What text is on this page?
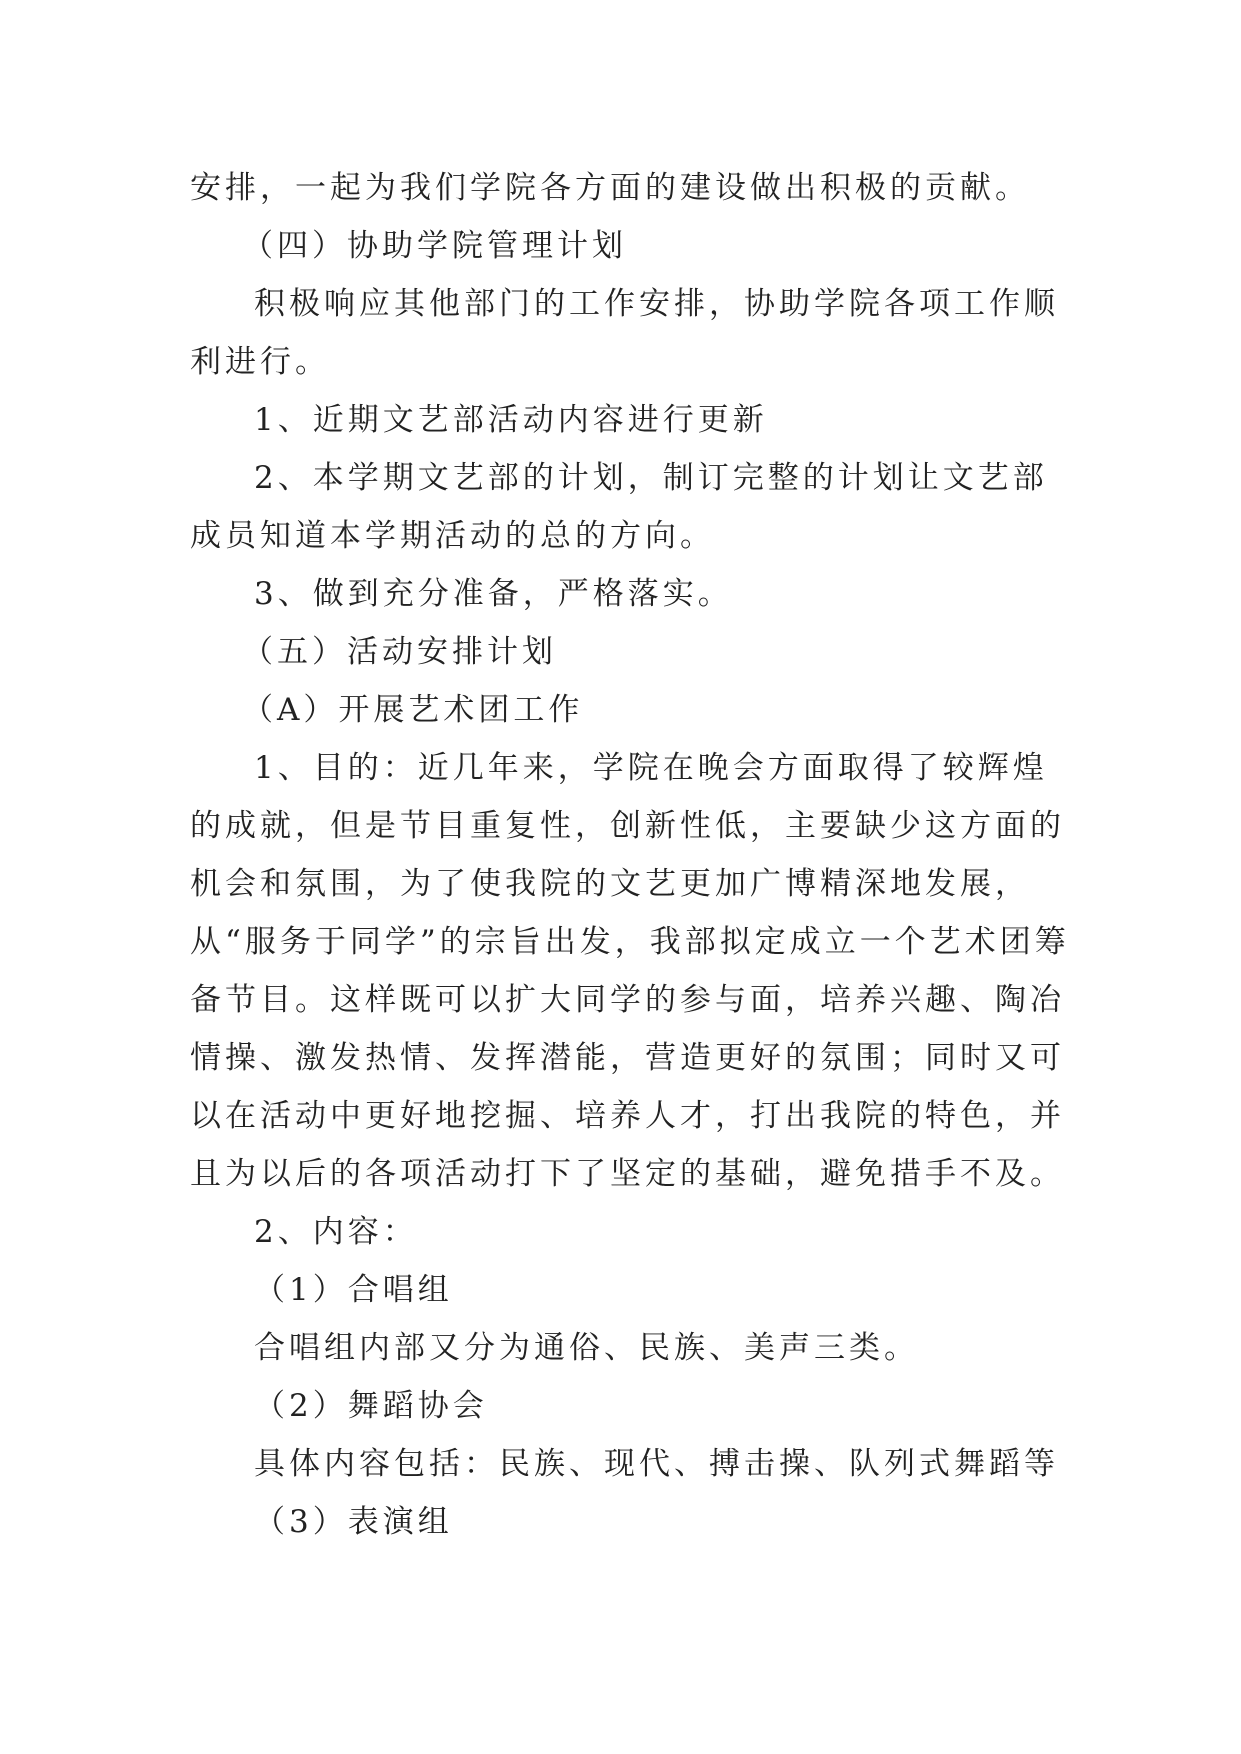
安排，一起为我们学院各方面的建设做出积极的贡献。

（四）协助学院管理计划

积极响应其他部门的工作安排，协助学院各项工作顺利进行。

1、近期文艺部活动内容进行更新

2、本学期文艺部的计划，制订完整的计划让文艺部成员知道本学期活动的总的方向。

3、做到充分准备，严格落实。

（五）活动安排计划

（A）开展艺术团工作

1、目的：近几年来，学院在晚会方面取得了较辉煌的成就，但是节目重复性，创新性低，主要缺少这方面的机会和氛围，为了使我院的文艺更加广博精深地发展，从“服务于同学”的宗旨出发，我部拟定成立一个艺术团筹备节目。这样既可以扩大同学的参与面，培养兴趣、陶冶情操、激发热情、发挥潜能，营造更好的氛围；同时又可以在活动中更好地挖掘、培养人才，打出我院的特色，并且为以后的各项活动打下了坚定的基础，避免措手不及。

2、内容：

（1）合唱组

合唱组内部又分为通俗、民族、美声三类。

（2）舞蹈协会

具体内容包括：民族、现代、搏击操、队列式舞蹈等

（3）表演组
